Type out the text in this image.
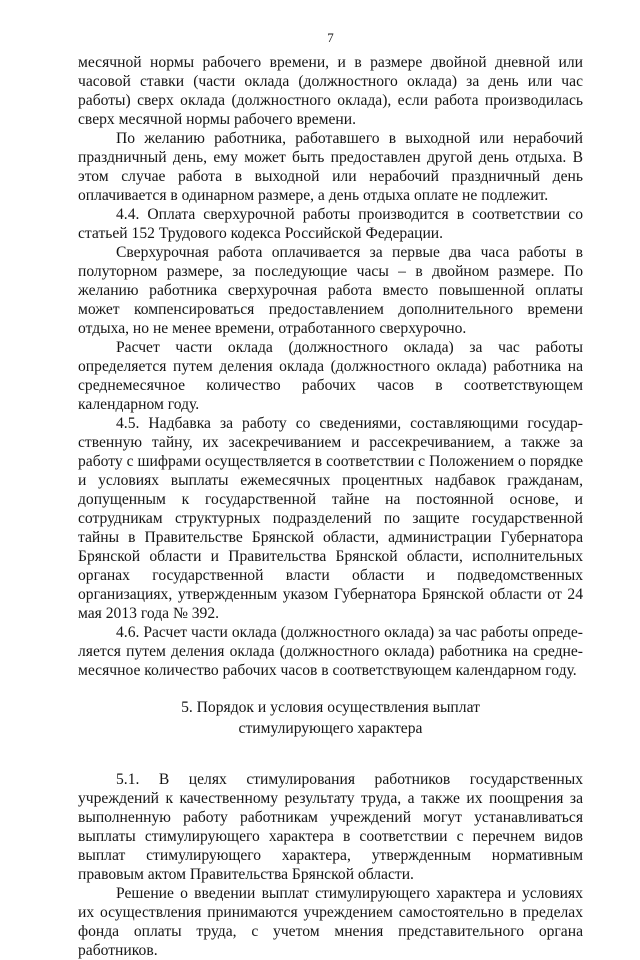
7

месячной нормы рабочего времени, и в размере двойной дневной или часовой ставки (части оклада (должностного оклада) за день или час работы) сверх оклада (должностного оклада), если работа производилась сверх месячной нормы рабочего времени.

По желанию работника, работавшего в выходной или нерабочий праздничный день, ему может быть предоставлен другой день отдыха. В этом случае работа в выходной или нерабочий праздничный день оплачивается в одинарном размере, а день отдыха оплате не подлежит.

4.4. Оплата сверхурочной работы производится в соответствии со статьей 152 Трудового кодекса Российской Федерации.

Сверхурочная работа оплачивается за первые два часа работы в полуторном размере, за последующие часы – в двойном размере. По желанию работника сверхурочная работа вместо повышенной оплаты может компенсироваться предоставлением дополнительного времени отдыха, но не менее времени, отработанного сверхурочно.

Расчет части оклада (должностного оклада) за час работы определяется путем деления оклада (должностного оклада) работника на среднемесячное количество рабочих часов в соответствующем календарном году.

4.5. Надбавка за работу со сведениями, составляющими государственную тайну, их засекречиванием и рассекречиванием, а также за работу с шифрами осуществляется в соответствии с Положением о порядке и условиях выплаты ежемесячных процентных надбавок гражданам, допущенным к государственной тайне на постоянной основе, и сотрудникам структурных подразделений по защите государственной тайны в Правительстве Брянской области, администрации Губернатора Брянской области и Правительства Брянской области, исполнительных органах государственной власти области и подведомственных организациях, утвержденным указом Губернатора Брянской области от 24 мая 2013 года № 392.

4.6. Расчет части оклада (должностного оклада) за час работы определяется путем деления оклада (должностного оклада) работника на среднемесячное количество рабочих часов в соответствующем календарном году.

5. Порядок и условия осуществления выплат
стимулирующего характера

5.1. В целях стимулирования работников государственных учреждений к качественному результату труда, а также их поощрения за выполненную работу работникам учреждений могут устанавливаться выплаты стимулирующего характера в соответствии с перечнем видов выплат стимулирующего характера, утвержденным нормативным правовым актом Правительства Брянской области.

Решение о введении выплат стимулирующего характера и условиях их осуществления принимаются учреждением самостоятельно в пределах фонда оплаты труда, с учетом мнения представительного органа работников.
